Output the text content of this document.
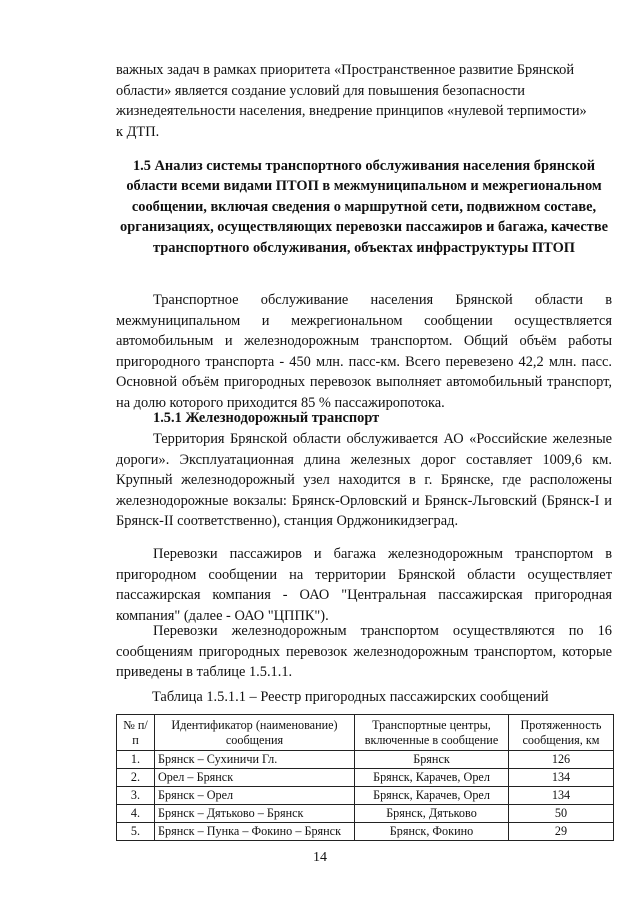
важных задач в рамках приоритета «Пространственное развитие Брянской
области» является создание условий для повышения безопасности
жизнедеятельности населения, внедрение принципов «нулевой терпимости»
к ДТП.
1.5 Анализ системы транспортного обслуживания населения брянской области всеми видами ПТОП в межмуниципальном и межрегиональном сообщении, включая сведения о маршрутной сети, подвижном составе, организациях, осуществляющих перевозки пассажиров и багажа, качестве транспортного обслуживания, объектах инфраструктуры ПТОП
Транспортное обслуживание населения Брянской области в межмуниципальном и межрегиональном сообщении осуществляется автомобильным и железнодорожным транспортом. Общий объём работы пригородного транспорта - 450 млн. пасс-км. Всего перевезено 42,2 млн. пасс. Основной объём пригородных перевозок выполняет автомобильный транспорт, на долю которого приходится 85 % пассажиропотока.
1.5.1 Железнодорожный транспорт
Территория Брянской области обслуживается АО «Российские железные дороги». Эксплуатационная длина железных дорог составляет 1009,6 км. Крупный железнодорожный узел находится в г. Брянске, где расположены железнодорожные вокзалы: Брянск-Орловский и Брянск-Льговский (Брянск-I и Брянск-II соответственно), станция Орджоникидзеград.
Перевозки пассажиров и багажа железнодорожным транспортом в пригородном сообщении на территории Брянской области осуществляет пассажирская компания - ОАО "Центральная пассажирская пригородная компания" (далее - ОАО "ЦППК").
Перевозки железнодорожным транспортом осуществляются по 16 сообщениям пригородных перевозок железнодорожным транспортом, которые приведены в таблице 1.5.1.1.
Таблица 1.5.1.1 – Реестр пригородных пассажирских сообщений
№ п/п	Идентификатор (наименование) сообщения	Транспортные центры, включенные в сообщение	Протяженность сообщения, км
1.	Брянск – Сухиничи Гл.	Брянск	126
2.	Орел – Брянск	Брянск, Карачев, Орел	134
3.	Брянск – Орел	Брянск, Карачев, Орел	134
4.	Брянск – Дятьково – Брянск	Брянск, Дятьково	50
5.	Брянск – Пунка – Фокино – Брянск	Брянск, Фокино	29
14
